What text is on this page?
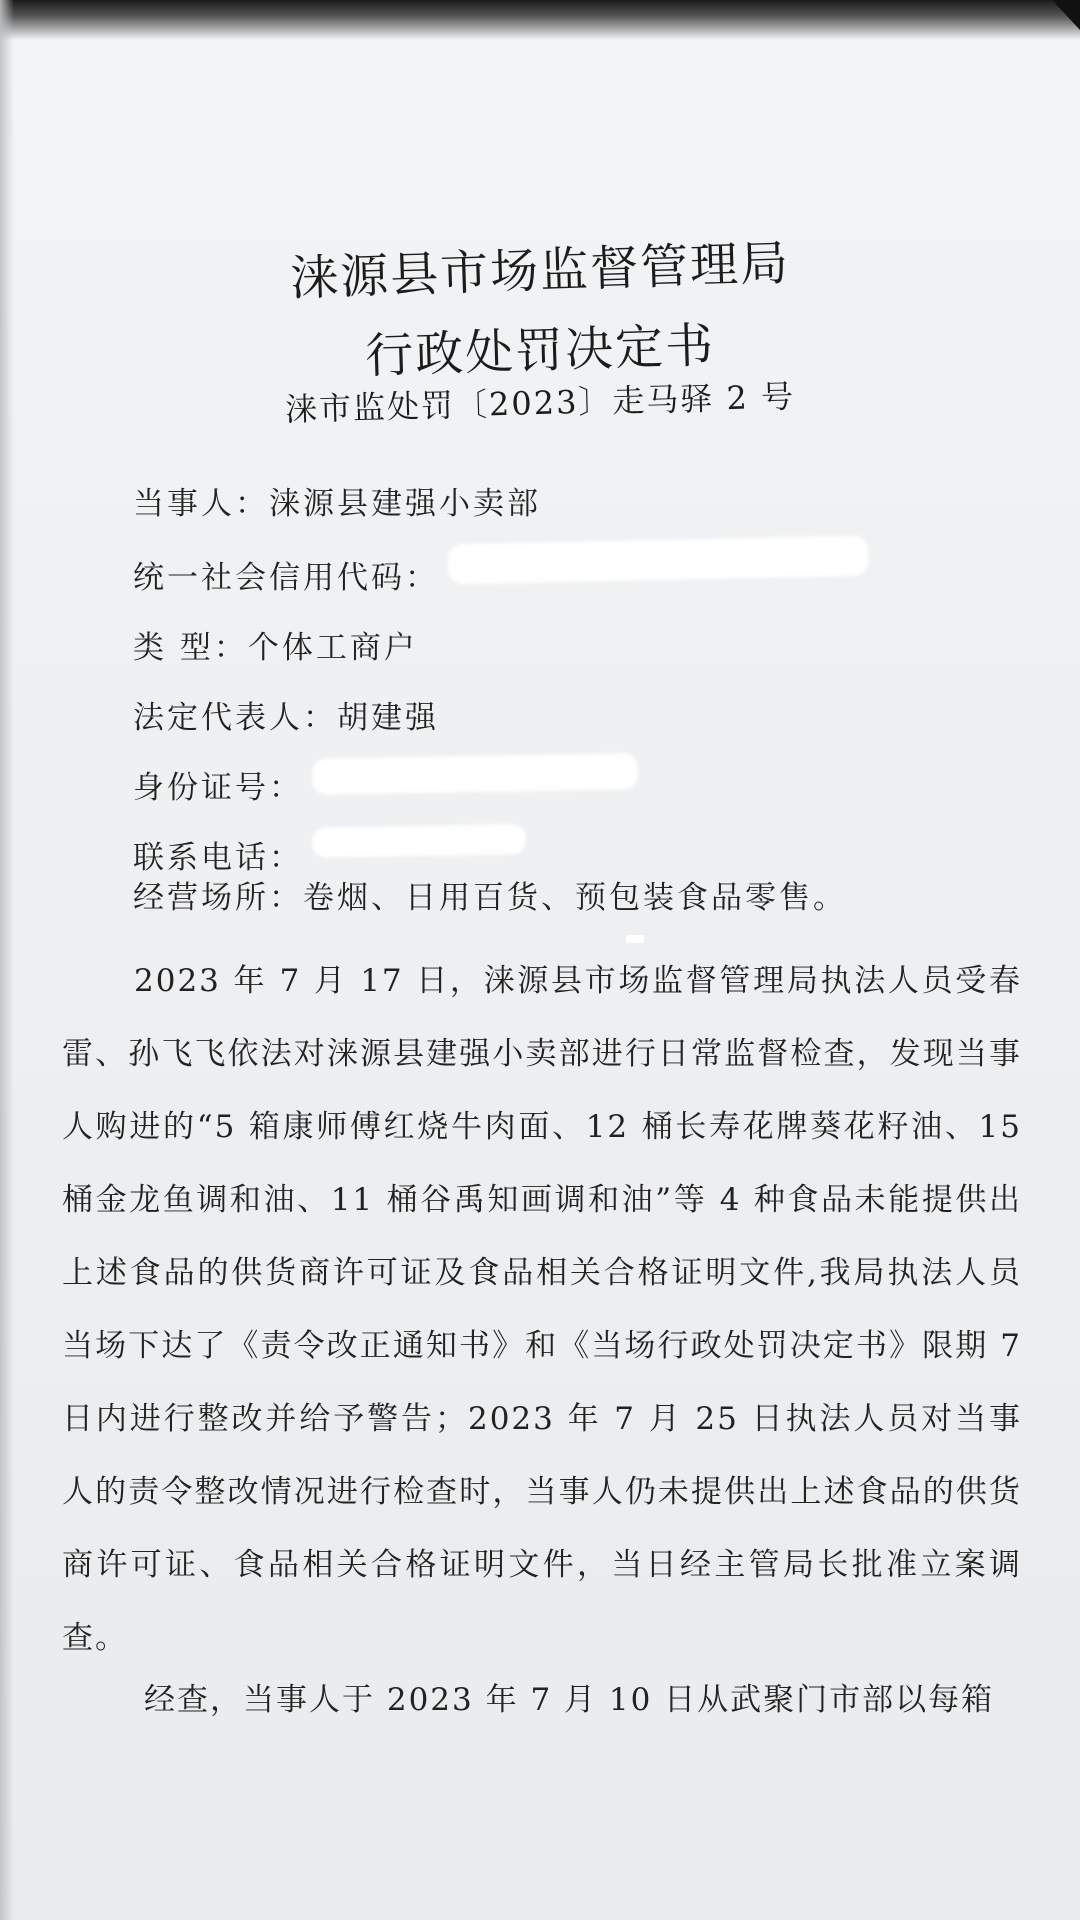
涞源县市场监督管理局
行政处罚决定书
涞市监处罚〔2023〕走马驿 2 号
当事人：涞源县建强小卖部
统一社会信用代码：
类 型：个体工商户
法定代表人：胡建强
身份证号：
联系电话：
经营场所：卷烟、日用百货、预包装食品零售。
2023 年 7 月 17 日，涞源县市场监督管理局执法人员受春雷、孙飞飞依法对涞源县建强小卖部进行日常监督检查，发现当事人购进的“5 箱康师傅红烧牛肉面、12 桶长寿花牌葵花籽油、15 桶金龙鱼调和油、11 桶谷禹知画调和油”等 4 种食品未能提供出上述食品的供货商许可证及食品相关合格证明文件,我局执法人员当场下达了《责令改正通知书》和《当场行政处罚决定书》限期 7 日内进行整改并给予警告；2023 年 7 月 25 日执法人员对当事人的责令整改情况进行检查时，当事人仍未提供出上述食品的供货商许可证、食品相关合格证明文件，当日经主管局长批准立案调查。
经查，当事人于 2023 年 7 月 10 日从武聚门市部以每箱
